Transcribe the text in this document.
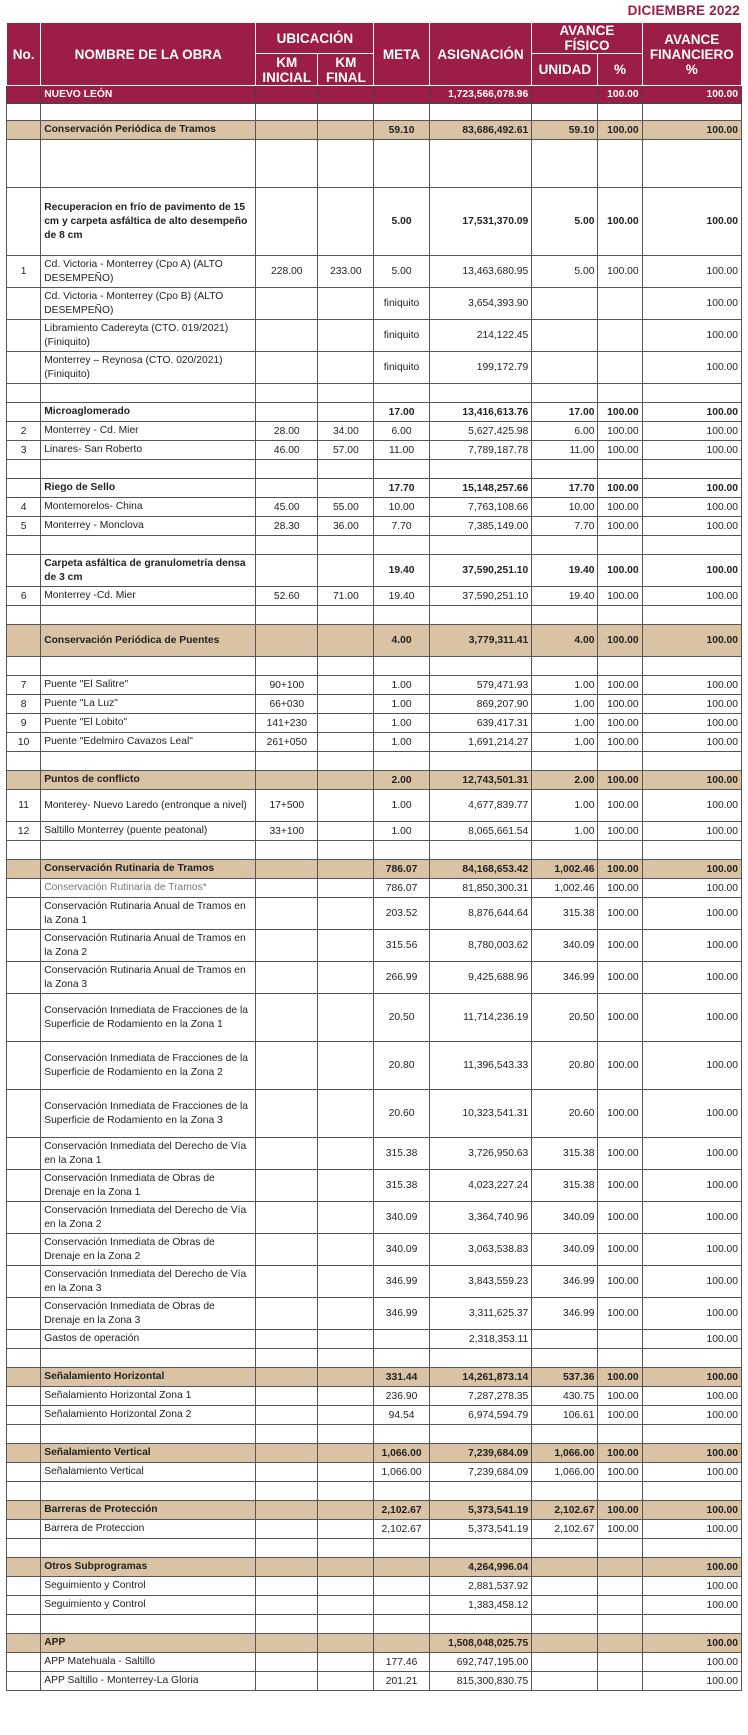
DICIEMBRE 2022
No.	NOMBRE DE LA OBRA	UBICACIÓN		META	ASIGNACIÓN	AVANCE FÍSICO		AVANCE FINANCIERO %
		KM INICIAL	KM FINAL			UNIDAD	%	
	NUEVO LEÓN				1,723,566,078.96		100.00	100.00

	Conservación Periódica de Tramos			59.10	83,686,492.61	59.10	100.00	100.00

	Recuperacion en frío de pavimento de 15 cm y carpeta asfáltica de alto desempeño de 8 cm			5.00	17,531,370.09	5.00	100.00	100.00
1	Cd. Victoria - Monterrey (Cpo A) (ALTO DESEMPEÑO)	228.00	233.00	5.00	13,463,680.95	5.00	100.00	100.00
	Cd. Victoria - Monterrey (Cpo B) (ALTO DESEMPEÑO)			finiquito	3,654,393.90			100.00
	Libramiento Cadereyta (CTO. 019/2021) (Finiquito)			finiquito	214,122.45			100.00
	Monterrey – Reynosa (CTO. 020/2021) (Finiquito)			finiquito	199,172.79			100.00

	Microaglomerado			17.00	13,416,613.76	17.00	100.00	100.00
2	Monterrey - Cd. Mier	28.00	34.00	6.00	5,627,425.98	6.00	100.00	100.00
3	Linares- San Roberto	46.00	57.00	11.00	7,789,187.78	11.00	100.00	100.00

	Riego de Sello			17.70	15,148,257.66	17.70	100.00	100.00
4	Montemorelos- China	45.00	55.00	10.00	7,763,108.66	10.00	100.00	100.00
5	Monterrey - Monclova	28.30	36.00	7.70	7,385,149.00	7.70	100.00	100.00

	Carpeta asfáltica de granulometría densa de 3 cm			19.40	37,590,251.10	19.40	100.00	100.00
6	Monterrey -Cd. Mier	52.60	71.00	19.40	37,590,251.10	19.40	100.00	100.00

	Conservación Periódica de Puentes			4.00	3,779,311.41	4.00	100.00	100.00

7	Puente "El Salitre"	90+100		1.00	579,471.93	1.00	100.00	100.00
8	Puente "La Luz"	66+030		1.00	869,207.90	1.00	100.00	100.00
9	Puente "El Lobito"	141+230		1.00	639,417.31	1.00	100.00	100.00
10	Puente "Edelmiro Cavazos Leal"	261+050		1.00	1,691,214.27	1.00	100.00	100.00

	Puntos de conflicto			2.00	12,743,501.31	2.00	100.00	100.00
11	Monterey- Nuevo Laredo (entronque a nivel)	17+500		1.00	4,677,839.77	1.00	100.00	100.00
12	Saltillo Monterrey (puente peatonal)	33+100		1.00	8,065,661.54	1.00	100.00	100.00

	Conservación Rutinaria de Tramos			786.07	84,168,653.42	1,002.46	100.00	100.00
	Conservación Rutinaria de Tramos*			786.07	81,850,300.31	1,002.46	100.00	100.00
	Conservación Rutinaria Anual de Tramos en la Zona 1			203.52	8,876,644.64	315.38	100.00	100.00
	Conservación Rutinaria Anual de Tramos en la Zona 2			315.56	8,780,003.62	340.09	100.00	100.00
	Conservación Rutinaria Anual de Tramos en la Zona 3			266.99	9,425,688.96	346.99	100.00	100.00
	Conservación Inmediata de Fracciones de la Superficie de Rodamiento en la Zona 1			20.50	11,714,236.19	20.50	100.00	100.00
	Conservación Inmediata de Fracciones de la Superficie de Rodamiento en la Zona 2			20.80	11,396,543.33	20.80	100.00	100.00
	Conservación Inmediata de Fracciones de la Superficie de Rodamiento en la Zona 3			20.60	10,323,541.31	20.60	100.00	100.00
	Conservación Inmediata del Derecho de Vía en la Zona 1			315.38	3,726,950.63	315.38	100.00	100.00
	Conservación Inmediata de Obras de Drenaje en la Zona 1			315.38	4,023,227.24	315.38	100.00	100.00
	Conservación Inmediata del Derecho de Vía en la Zona 2			340.09	3,364,740.96	340.09	100.00	100.00
	Conservación Inmediata de Obras de Drenaje en la Zona 2			340.09	3,063,538.83	340.09	100.00	100.00
	Conservación Inmediata del Derecho de Vía en la Zona 3			346.99	3,843,559.23	346.99	100.00	100.00
	Conservación Inmediata de Obras de Drenaje en la Zona 3			346.99	3,311,625.37	346.99	100.00	100.00
	Gastos de operación				2,318,353.11			100.00

	Señalamiento Horizontal			331.44	14,261,873.14	537.36	100.00	100.00
	Señalamiento Horizontal Zona 1			236.90	7,287,278.35	430.75	100.00	100.00
	Señalamiento Horizontal Zona 2			94.54	6,974,594.79	106.61	100.00	100.00

	Señalamiento Vertical			1,066.00	7,239,684.09	1,066.00	100.00	100.00
	Señalamiento Vertical			1,066.00	7,239,684.09	1,066.00	100.00	100.00

	Barreras de Protección			2,102.67	5,373,541.19	2,102.67	100.00	100.00
	Barrera de Proteccion			2,102.67	5,373,541.19	2,102.67	100.00	100.00

	Otros Subprogramas				4,264,996.04			100.00
	Seguimiento y Control				2,881,537.92			100.00
	Seguimiento y Control				1,383,458.12			100.00

	APP				1,508,048,025.75			100.00
	APP Matehuala - Saltillo			177.46	692,747,195.00			100.00
	APP Saltillo - Monterrey-La Gloria			201.21	815,300,830.75			100.00
